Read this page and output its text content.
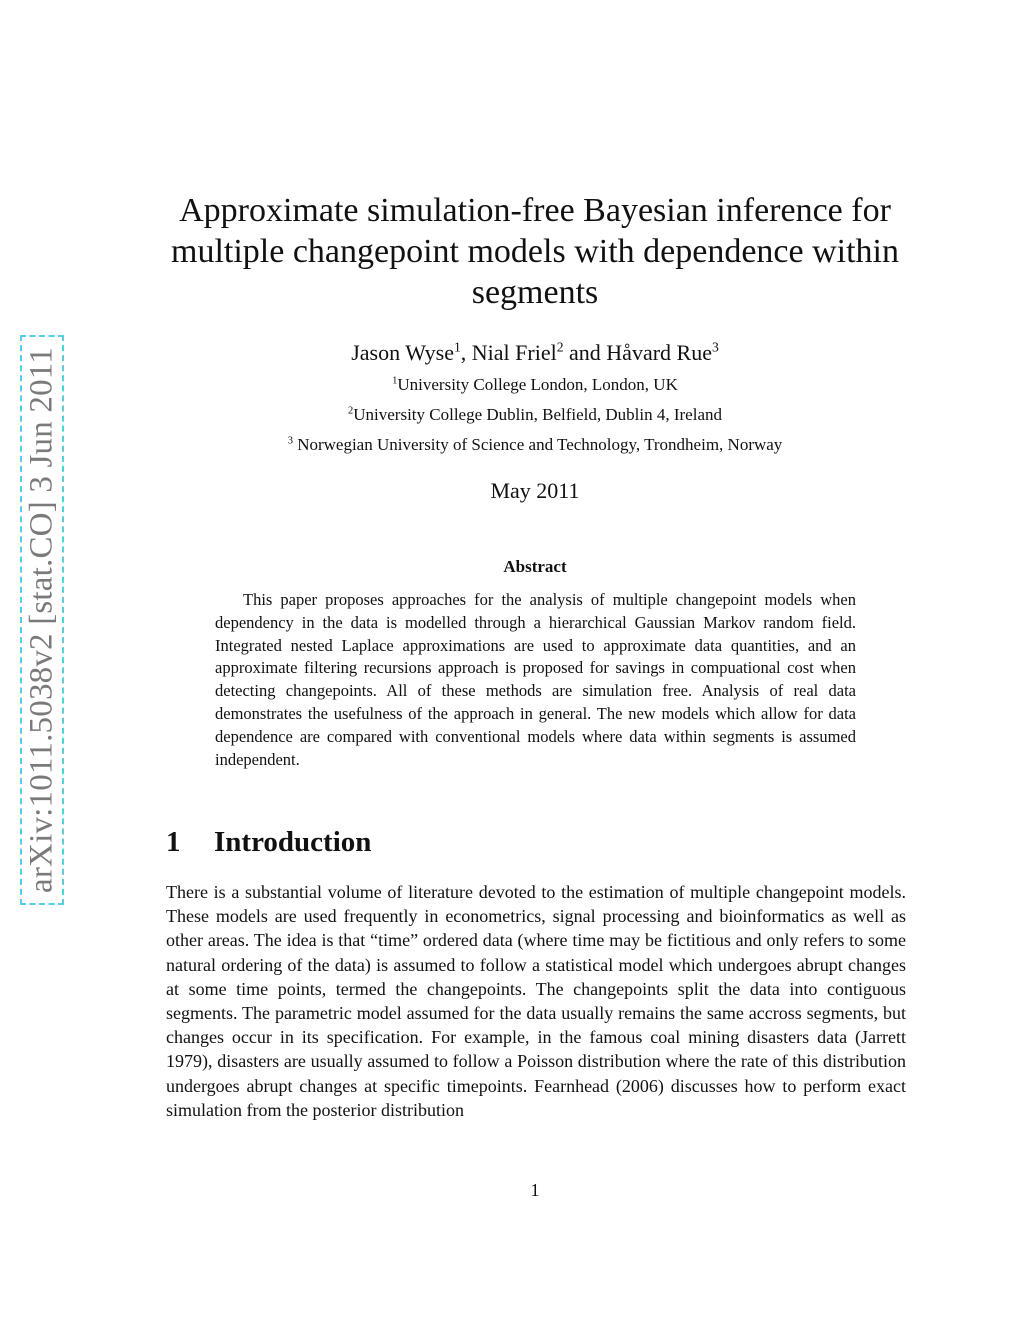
arXiv:1011.5038v2 [stat.CO] 3 Jun 2011
Approximate simulation-free Bayesian inference for multiple changepoint models with dependence within segments
Jason Wyse$^1$, Nial Friel$^2$ and Håvard Rue$^3$
$^1$University College London, London, UK
$^2$University College Dublin, Belfield, Dublin 4, Ireland
$^3$ Norwegian University of Science and Technology, Trondheim, Norway
May 2011
Abstract

This paper proposes approaches for the analysis of multiple changepoint models when dependency in the data is modelled through a hierarchical Gaussian Markov random field. Integrated nested Laplace approximations are used to approximate data quantities, and an approximate filtering recursions approach is proposed for savings in compuational cost when detecting changepoints. All of these methods are simulation free. Analysis of real data demonstrates the usefulness of the approach in general. The new models which allow for data dependence are compared with conventional models where data within segments is assumed independent.

1 Introduction

There is a substantial volume of literature devoted to the estimation of multiple changepoint models. These models are used frequently in econometrics, signal processing and bioinformatics as well as other areas. The idea is that “time” ordered data (where time may be fictitious and only refers to some natural ordering of the data) is assumed to follow a statistical model which undergoes abrupt changes at some time points, termed the changepoints. The changepoints split the data into contiguous segments. The parametric model assumed for the data usually remains the same accross segments, but changes occur in its specification. For example, in the famous coal mining disasters data (Jarrett 1979), disasters are usually assumed to follow a Poisson distribution where the rate of this distribution undergoes abrupt changes at specific timepoints. Fearnhead (2006) discusses how to perform exact simulation from the posterior distribution

1
